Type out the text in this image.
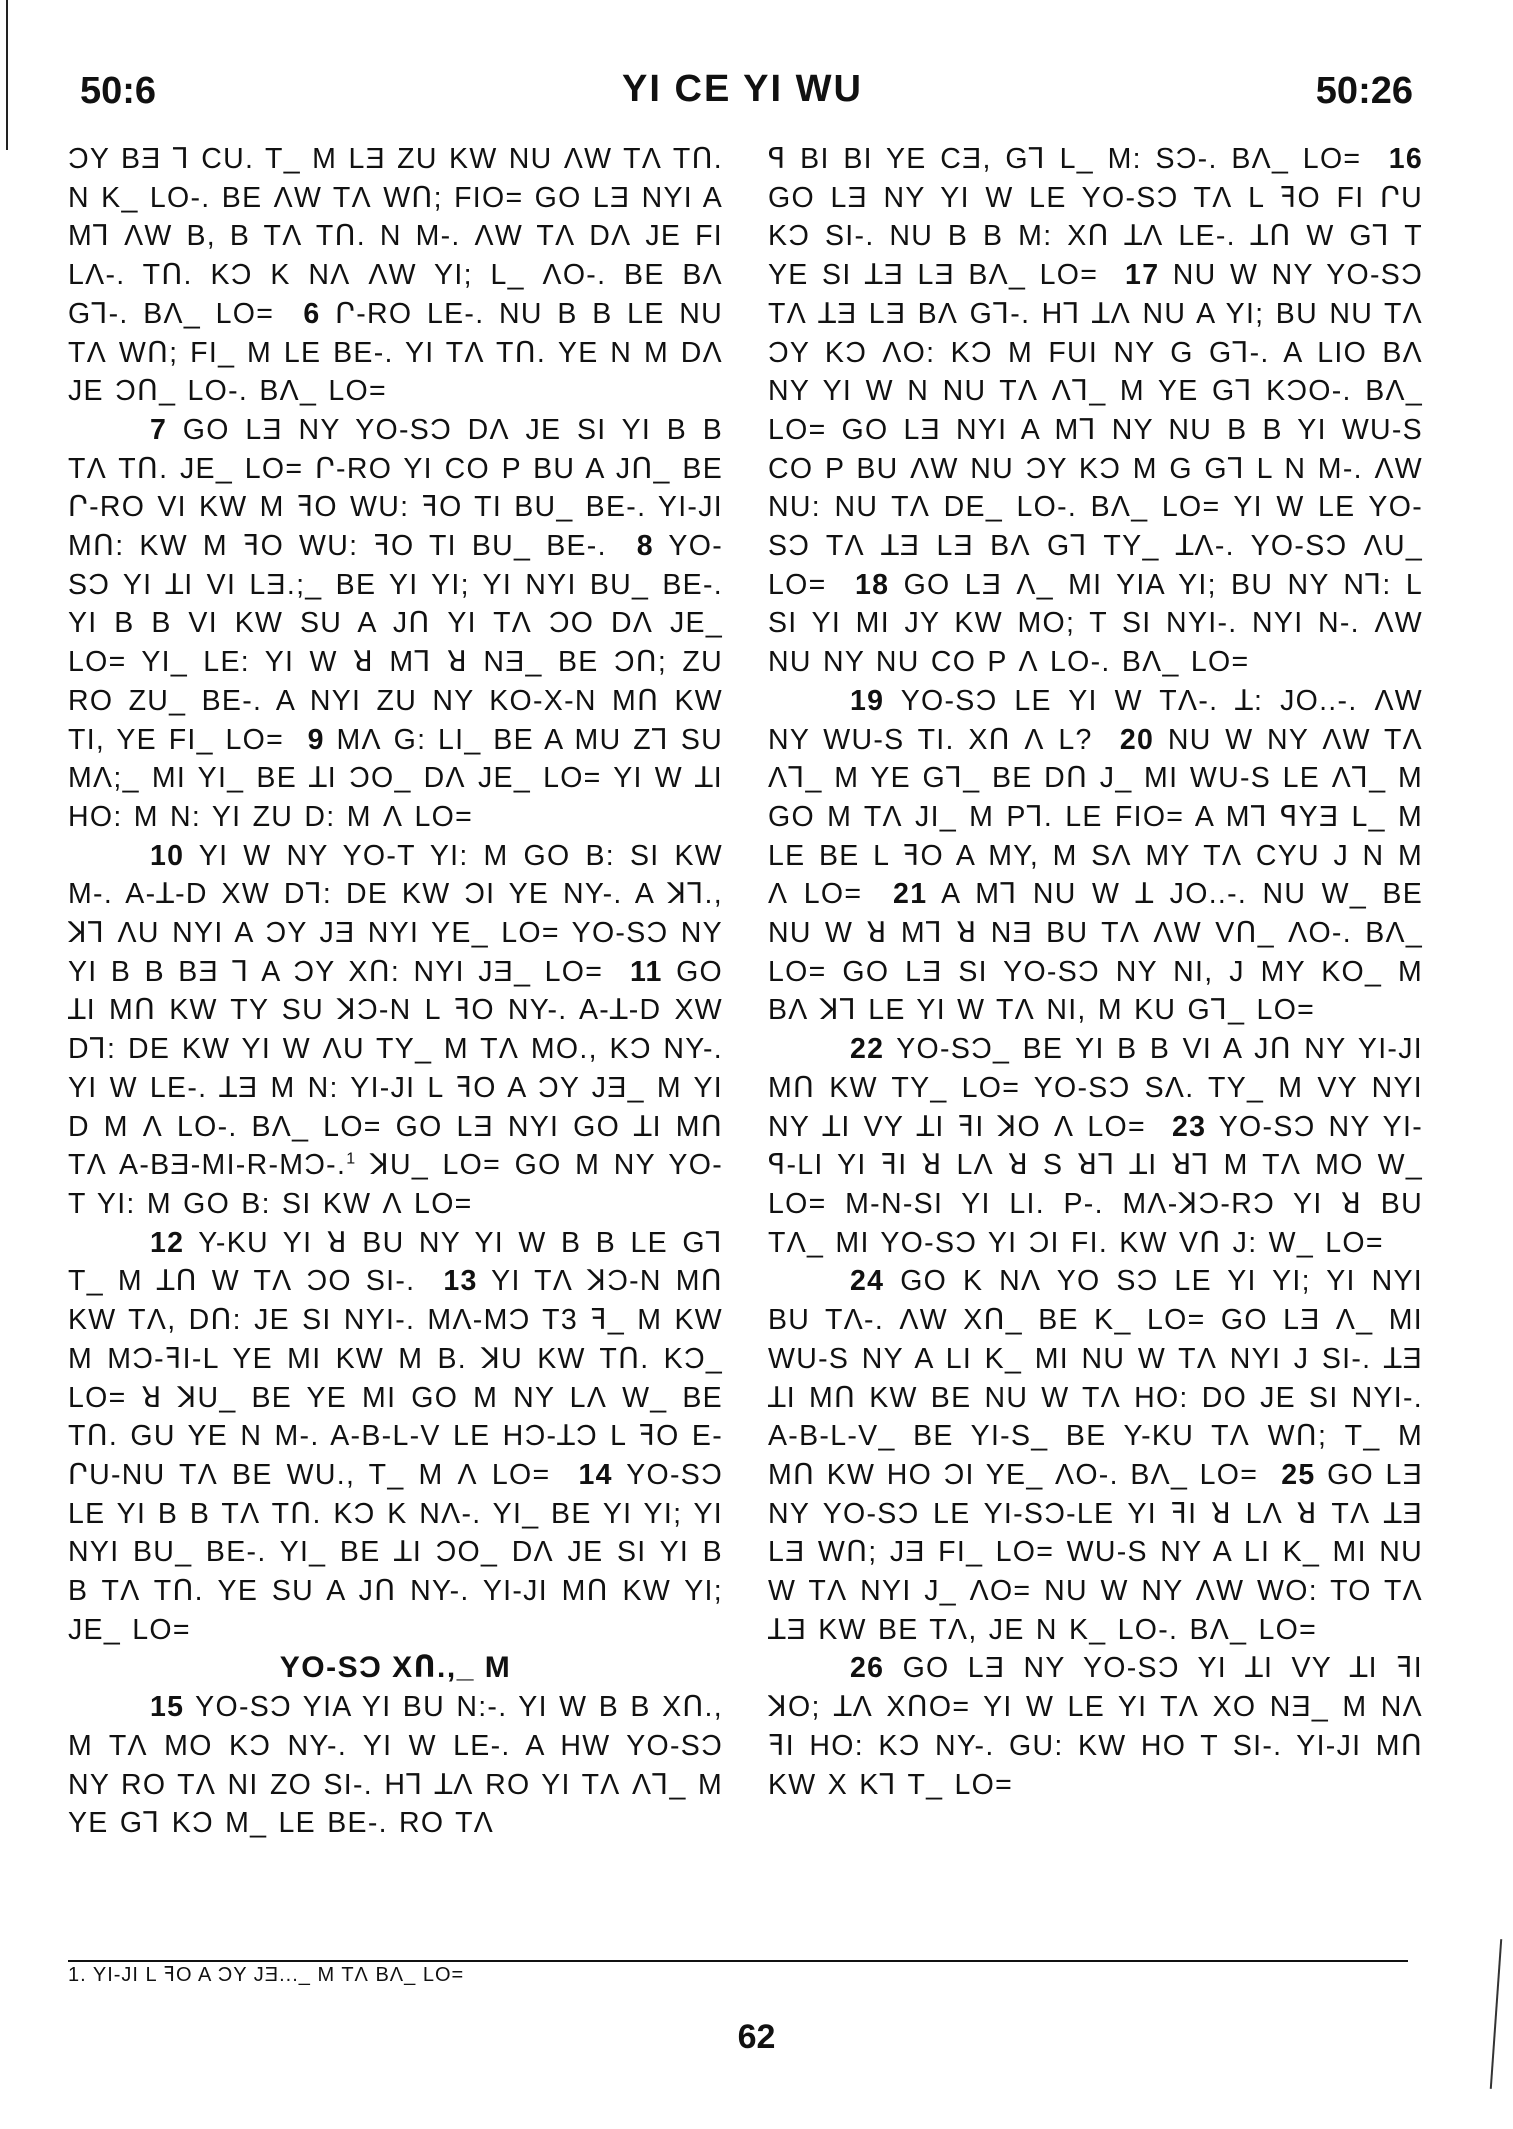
50:6	YI CE YI WU	50:26

ƆY BƎ ⅂ CU. T_ M LƎ ZU KW NU ɅW TɅ TՈ. N K_ LO-. BE ɅW TɅ WՈ; FIO= GO LƎ NYI A M⅂ ɅW B, B TɅ TՈ. N M-. ɅW TɅ DɅ JE FI LɅ-. TՈ. KƆ K NɅ ɅW YI; L_ ɅO-. BE BɅ G⅂-. BɅ_ LO= 6 Ր-RO LE-. NU B B LE NU TɅ WՈ; FI_ M LE BE-. YI TɅ TՈ. YE N M DɅ JE ƆՈ_ LO-. BɅ_ LO=

7 GO LƎ NY YO-SƆ DɅ JE SI YI B B TɅ TՈ. JE_ LO= Ր-RO YI CO P BU A JՈ_ BE Ր-RO VI KW M ꟻO WU: ꟻO TI BU_ BE-. YI-JI MՈ: KW M ꟻO WU: ꟻO TI BU_ BE-. 8 YO-SƆ YI ꓕI VI LƎ.;_ BE YI YI; YI NYI BU_ BE-. YI B B VI KW SU A JՈ YI TɅ ƆO DɅ JE_ LO= YI_ LE: YI W ꓤ M⅂ ꓤ NƎ_ BE ƆՈ; ZU RO ZU_ BE-. A NYI ZU NY KO-X-N MՈ KW TI, YE FI_ LO= 9 MɅ G: LI_ BE A MU Z⅂ SU MɅ;_ MI YI_ BE ꓕI ƆO_ DɅ JE_ LO= YI W ꓕI HO: M N: YI ZU D: M Ʌ LO=

10 YI W NY YO-T YI: M GO B: SI KW M-. A-ꓕ-D XW D⅂: DE KW ƆI YE NY-. A ꓘ⅂., ꓘ⅂ ɅU NYI A ƆY JƎ NYI YE_ LO= YO-SƆ NY YI B B BƎ ⅂ A ƆY XՈ: NYI JƎ_ LO= 11 GO ꓕI MՈ KW TY SU ꓘƆ-N L ꟻO NY-. A-ꓕ-D XW D⅂: DE KW YI W ɅU TY_ M TɅ MO., KƆ NY-. YI W LE-. ꓕƎ M N: YI-JI L ꟻO A ƆY JƎ_ M YI D M Ʌ LO-. BɅ_ LO= GO LƎ NYI GO ꓕI MՈ TɅ A-BƎ-MI-R-MƆ-.$^1$ ꓘU_ LO= GO M NY YO-T YI: M GO B: SI KW Ʌ LO=

12 Y-KU YI ꓤ BU NY YI W B B LE G⅂ T_ M ꓕՈ W TɅ ƆO SI-. 13 YI TɅ ꓘƆ-N MՈ KW TɅ, DՈ: JE SI NYI-. MɅ-MƆ T3 ꟻ_ M KW M MƆ-ꟻI-L YE MI KW M B. ꓘU KW TՈ. KƆ_ LO= ꓤ ꓘU_ BE YE MI GO M NY LɅ W_ BE TՈ. GU YE N M-. A-B-L-V LE HƆ-ꓕƆ L ꟻO E-ՐU-NU TɅ BE WU., T_ M Ʌ LO= 14 YO-SƆ LE YI B B TɅ TՈ. KƆ K NɅ-. YI_ BE YI YI; YI NYI BU_ BE-. YI_ BE ꓕI ƆO_ DɅ JE SI YI B B TɅ TՈ. YE SU A JՈ NY-. YI-JI MՈ KW YI; JE_ LO=

YO-SƆ XՈ.,_ M

15 YO-SƆ YIA YI BU N:-. YI W B B XՈ., M TɅ MO KƆ NY-. YI W LE-. A HW YO-SƆ NY RO TɅ NI ZO SI-. H⅂ ꓕɅ RO YI TɅ Ʌ⅂_ M YE G⅂ KƆ M_ LE BE-. RO TɅ

ꟼ BI BI YE CƎ, G⅂ L_ M: SƆ-. BɅ_ LO= 16 GO LƎ NY YI W LE YO-SƆ TɅ L ꟻO FI ՐU KƆ SI-. NU B B M: XՈ ꓕɅ LE-. ꓕՈ W G⅂ T YE SI ꓕƎ LƎ BɅ_ LO= 17 NU W NY YO-SƆ TɅ ꓕƎ LƎ BɅ G⅂-. H⅂ ꓕɅ NU A YI; BU NU TɅ ƆY KƆ ɅO: KƆ M FUI NY G G⅂-. A LIO BɅ NY YI W N NU TɅ Ʌ⅂_ M YE G⅂ KƆO-. BɅ_ LO= GO LƎ NYI A M⅂ NY NU B B YI WU-S CO P BU ɅW NU ƆY KƆ M G G⅂ L N M-. ɅW NU: NU TɅ DE_ LO-. BɅ_ LO= YI W LE YO-SƆ TɅ ꓕƎ LƎ BɅ G⅂ TY_ ꓕɅ-. YO-SƆ ɅU_ LO= 18 GO LƎ Ʌ_ MI YIA YI; BU NY N⅂: L SI YI MI JY KW MO; T SI NYI-. NYI N-. ɅW NU NY NU CO P Ʌ LO-. BɅ_ LO=

19 YO-SƆ LE YI W TɅ-. ꓕ: JO..-. ɅW NY WU-S TI. XՈ Ʌ L? 20 NU W NY ɅW TɅ Ʌ⅂_ M YE G⅂_ BE DՈ J_ MI WU-S LE Ʌ⅂_ M GO M TɅ JI_ M P⅂. LE FIO= A M⅂ ꟼYƎ L_ M LE BE L ꟻO A MY, M SɅ MY TɅ CYU J N M Ʌ LO= 21 A M⅂ NU W ꓕ JO..-. NU W_ BE NU W ꓤ M⅂ ꓤ NƎ BU TɅ ɅW VՈ_ ɅO-. BɅ_ LO= GO LƎ SI YO-SƆ NY NI, J MY KO_ M BɅ ꓘ⅂ LE YI W TɅ NI, M KU G⅂_ LO=

22 YO-SƆ_ BE YI B B VI A JՈ NY YI-JI MՈ KW TY_ LO= YO-SƆ SɅ. TY_ M VY NYI NY ꓕI VY ꓕI ꟻI ꓘO Ʌ LO= 23 YO-SƆ NY YI-ꟼ-LI YI ꟻI ꓤ LɅ ꓤ S ꓤ⅂ ꓕI ꓤ⅂ M TɅ MO W_ LO= M-N-SI YI LI. P-. MɅ-ꓘƆ-RƆ YI ꓤ BU TɅ_ MI YO-SƆ YI ƆI FI. KW VՈ J: W_ LO=

24 GO K NɅ YO SƆ LE YI YI; YI NYI BU TɅ-. ɅW XՈ_ BE K_ LO= GO LƎ Ʌ_ MI WU-S NY A LI K_ MI NU W TɅ NYI J SI-. ꓕƎ ꓕI MՈ KW BE NU W TɅ HO: DO JE SI NYI-. A-B-L-V_ BE YI-S_ BE Y-KU TɅ WՈ; T_ M MՈ KW HO ƆI YE_ ɅO-. BɅ_ LO= 25 GO LƎ NY YO-SƆ LE YI-SƆ-LE YI ꟻI ꓤ LɅ ꓤ TɅ ꓕƎ LƎ WՈ; JƎ FI_ LO= WU-S NY A LI K_ MI NU W TɅ NYI J_ ɅO= NU W NY ɅW WO: TO TɅ ꓕƎ KW BE TɅ, JE N K_ LO-. BɅ_ LO=

26 GO LƎ NY YO-SƆ YI ꓕI VY ꓕI ꟻI ꓘO; ꓕɅ XՈO= YI W LE YI TɅ XO NƎ_ M NɅ ꟻI HO: KƆ NY-. GU: KW HO T SI-. YI-JI MՈ KW X K⅂ T_ LO=

1. YI-JI L ꟻO A ƆY JƎ..._ M TɅ BɅ_ LO=
62
